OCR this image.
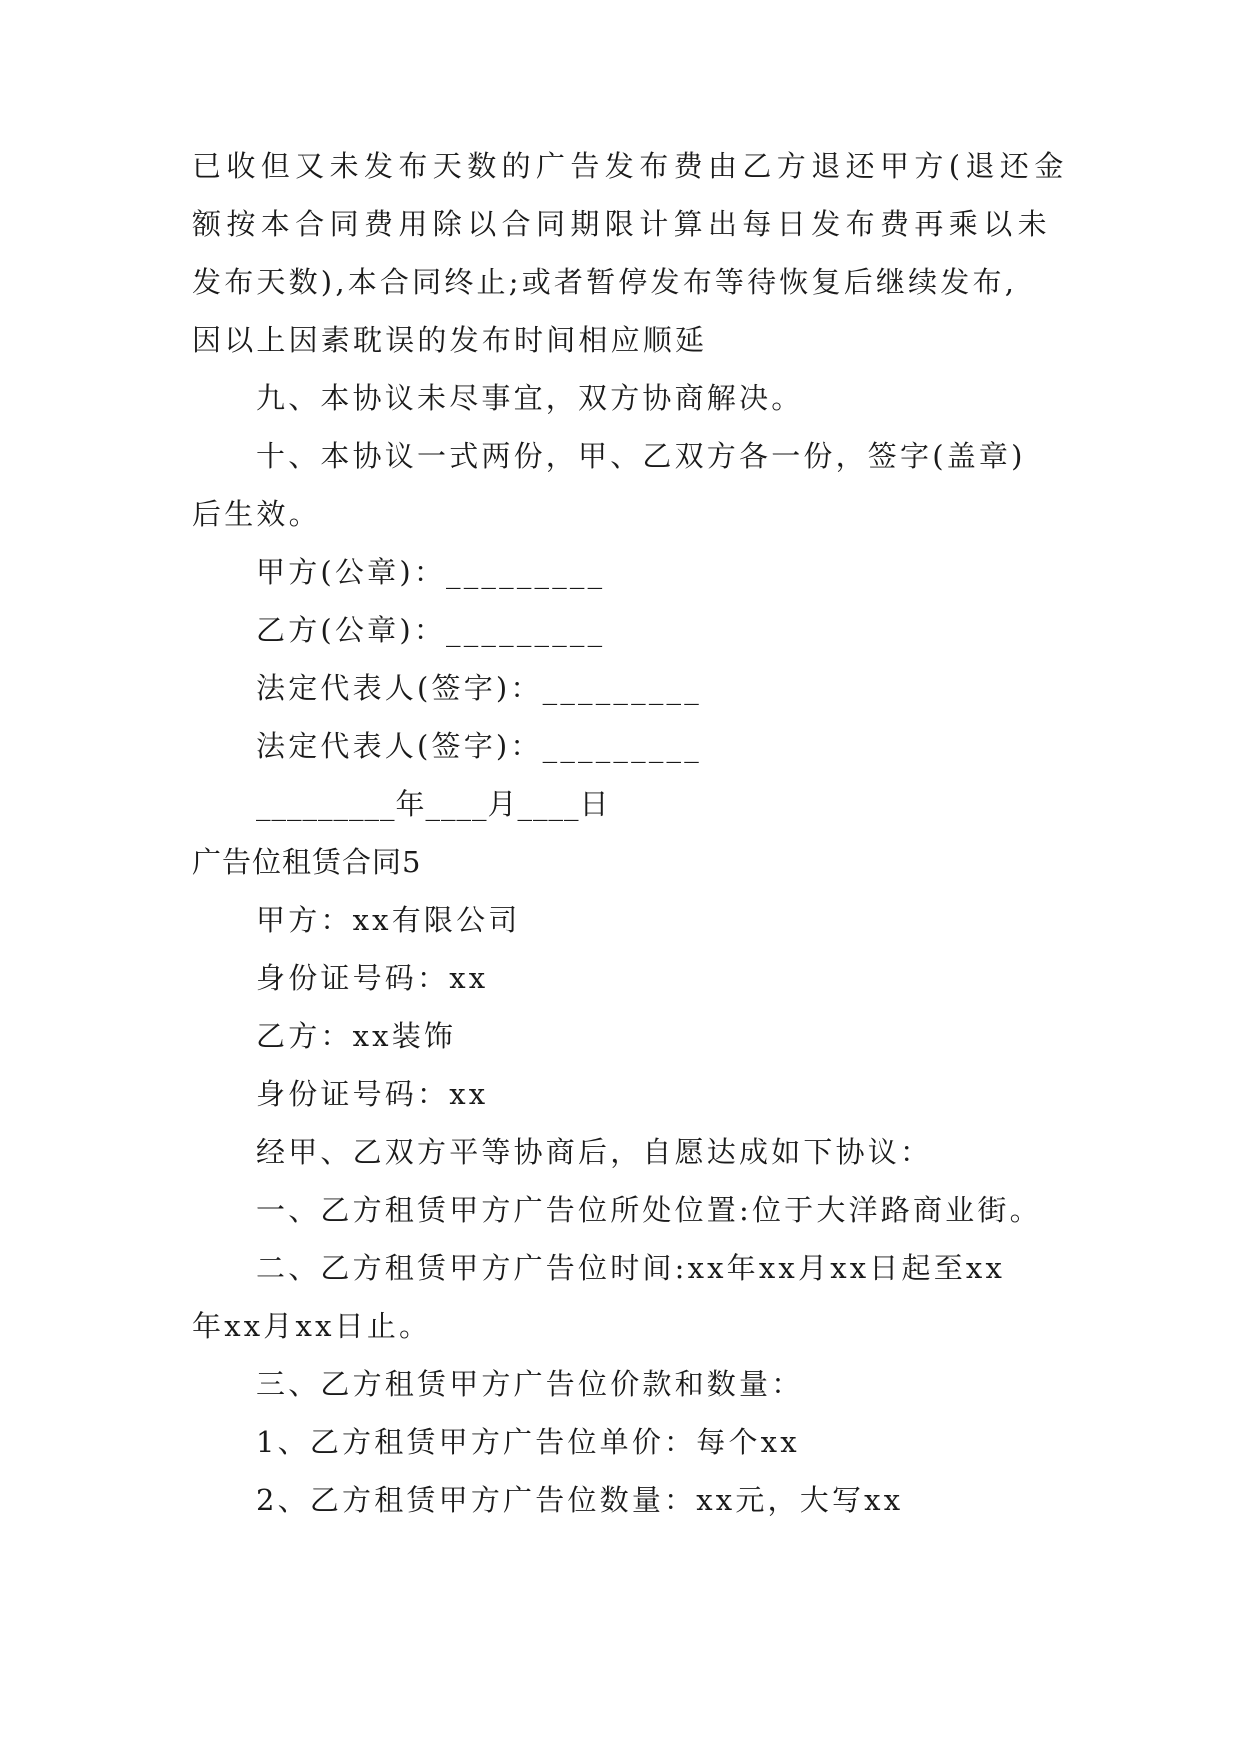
已收但又未发布天数的广告发布费由乙方退还甲方(退还金
额按本合同费用除以合同期限计算出每日发布费再乘以未
发布天数),本合同终止;或者暂停发布等待恢复后继续发布,
因以上因素耽误的发布时间相应顺延
九、本协议未尽事宜，双方协商解决。
十、本协议一式两份，甲、乙双方各一份，签字(盖章)
后生效。
甲方(公章)：_________
乙方(公章)：_________
法定代表人(签字)：_________
法定代表人(签字)：_________
_________年____月____日
广告位租赁合同5
甲方：xx有限公司
身份证号码：xx
乙方：xx装饰
身份证号码：xx
经甲、乙双方平等协商后，自愿达成如下协议：
一、乙方租赁甲方广告位所处位置:位于大洋路商业街。
二、乙方租赁甲方广告位时间:xx年xx月xx日起至xx
年xx月xx日止。
三、乙方租赁甲方广告位价款和数量：
1、乙方租赁甲方广告位单价：每个xx
2、乙方租赁甲方广告位数量：xx元，大写xx
